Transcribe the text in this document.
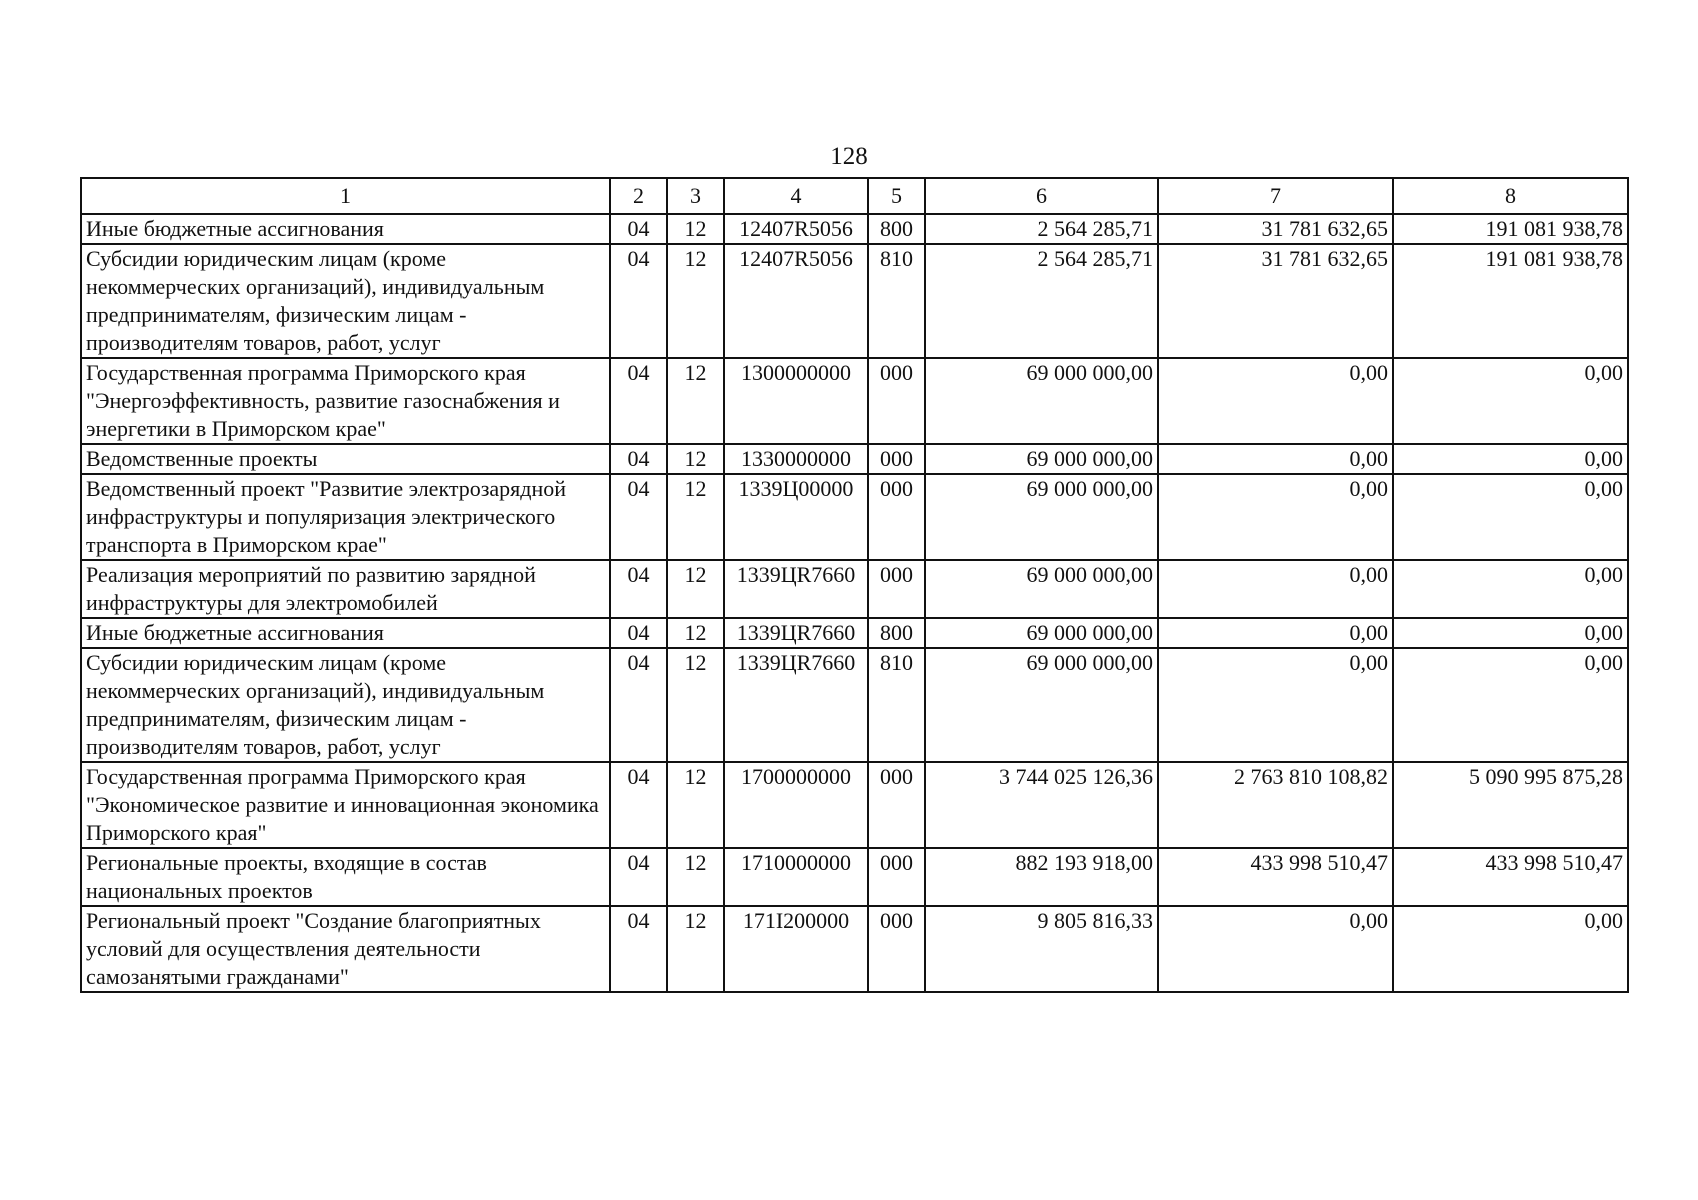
128
1	2	3	4	5	6	7	8
Иные бюджетные ассигнования	04	12	12407R5056	800	2 564 285,71	31 781 632,65	191 081 938,78
Субсидии юридическим лицам (кроме некоммерческих организаций), индивидуальным предпринимателям, физическим лицам - производителям товаров, работ, услуг	04	12	12407R5056	810	2 564 285,71	31 781 632,65	191 081 938,78
Государственная программа Приморского края "Энергоэффективность, развитие газоснабжения и энергетики в Приморском крае"	04	12	1300000000	000	69 000 000,00	0,00	0,00
Ведомственные проекты	04	12	1330000000	000	69 000 000,00	0,00	0,00
Ведомственный проект "Развитие электрозарядной инфраструктуры и популяризация электрического транспорта в Приморском крае"	04	12	1339Ц00000	000	69 000 000,00	0,00	0,00
Реализация мероприятий по развитию зарядной инфраструктуры для электромобилей	04	12	1339ЦR7660	000	69 000 000,00	0,00	0,00
Иные бюджетные ассигнования	04	12	1339ЦR7660	800	69 000 000,00	0,00	0,00
Субсидии юридическим лицам (кроме некоммерческих организаций), индивидуальным предпринимателям, физическим лицам - производителям товаров, работ, услуг	04	12	1339ЦR7660	810	69 000 000,00	0,00	0,00
Государственная программа Приморского края "Экономическое развитие и инновационная экономика Приморского края"	04	12	1700000000	000	3 744 025 126,36	2 763 810 108,82	5 090 995 875,28
Региональные проекты, входящие в состав национальных проектов	04	12	1710000000	000	882 193 918,00	433 998 510,47	433 998 510,47
Региональный проект "Создание благоприятных условий для осуществления деятельности самозанятыми гражданами"	04	12	171I200000	000	9 805 816,33	0,00	0,00
